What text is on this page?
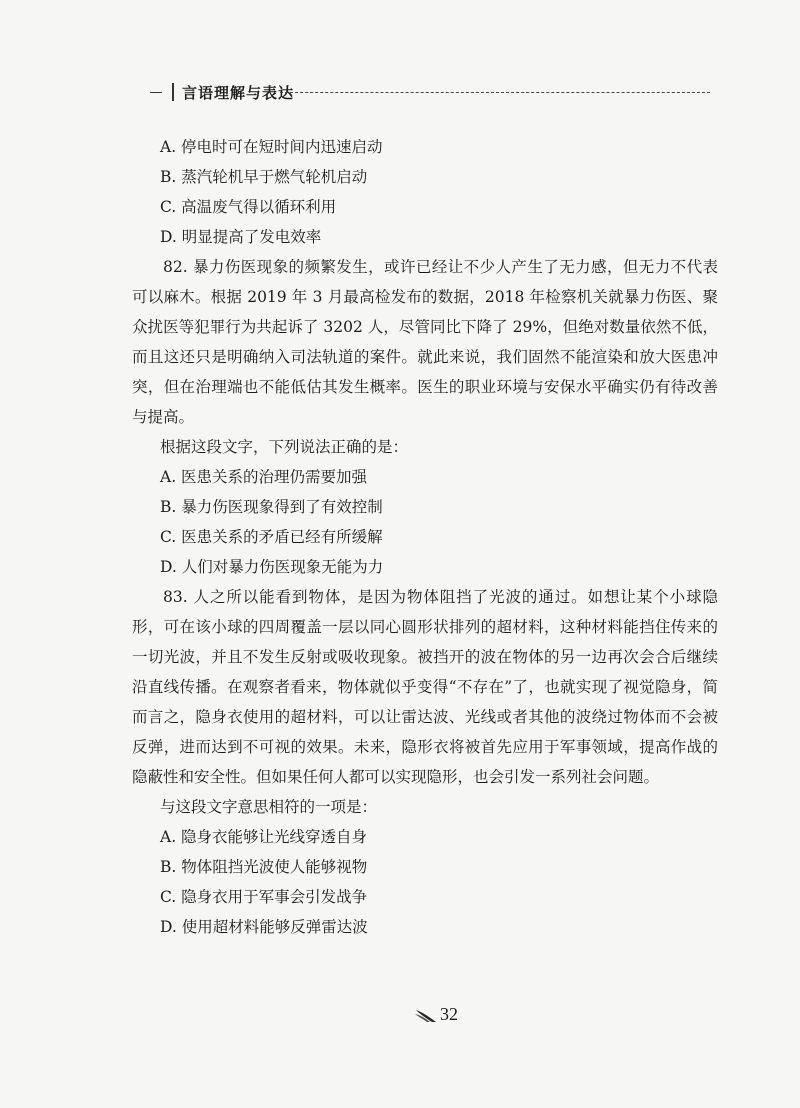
言语理解与表达
A. 停电时可在短时间内迅速启动
B. 蒸汽轮机早于燃气轮机启动
C. 高温废气得以循环利用
D. 明显提高了发电效率

82. 暴力伤医现象的频繁发生，或许已经让不少人产生了无力感，但无力不代表可以麻木。根据 2019 年 3 月最高检发布的数据，2018 年检察机关就暴力伤医、聚众扰医等犯罪行为共起诉了 3202 人，尽管同比下降了 29%，但绝对数量依然不低，而且这还只是明确纳入司法轨道的案件。就此来说，我们固然不能渲染和放大医患冲突，但在治理端也不能低估其发生概率。医生的职业环境与安保水平确实仍有待改善与提高。

根据这段文字，下列说法正确的是：
A. 医患关系的治理仍需要加强
B. 暴力伤医现象得到了有效控制
C. 医患关系的矛盾已经有所缓解
D. 人们对暴力伤医现象无能为力

83. 人之所以能看到物体，是因为物体阻挡了光波的通过。如想让某个小球隐形，可在该小球的四周覆盖一层以同心圆形状排列的超材料，这种材料能挡住传来的一切光波，并且不发生反射或吸收现象。被挡开的波在物体的另一边再次会合后继续沿直线传播。在观察者看来，物体就似乎变得“不存在”了，也就实现了视觉隐身，简而言之，隐身衣使用的超材料，可以让雷达波、光线或者其他的波绕过物体而不会被反弹，进而达到不可视的效果。未来，隐形衣将被首先应用于军事领域，提高作战的隐蔽性和安全性。但如果任何人都可以实现隐形，也会引发一系列社会问题。

与这段文字意思相符的一项是：
A. 隐身衣能够让光线穿透自身
B. 物体阻挡光波使人能够视物
C. 隐身衣用于军事会引发战争
D. 使用超材料能够反弹雷达波
32
